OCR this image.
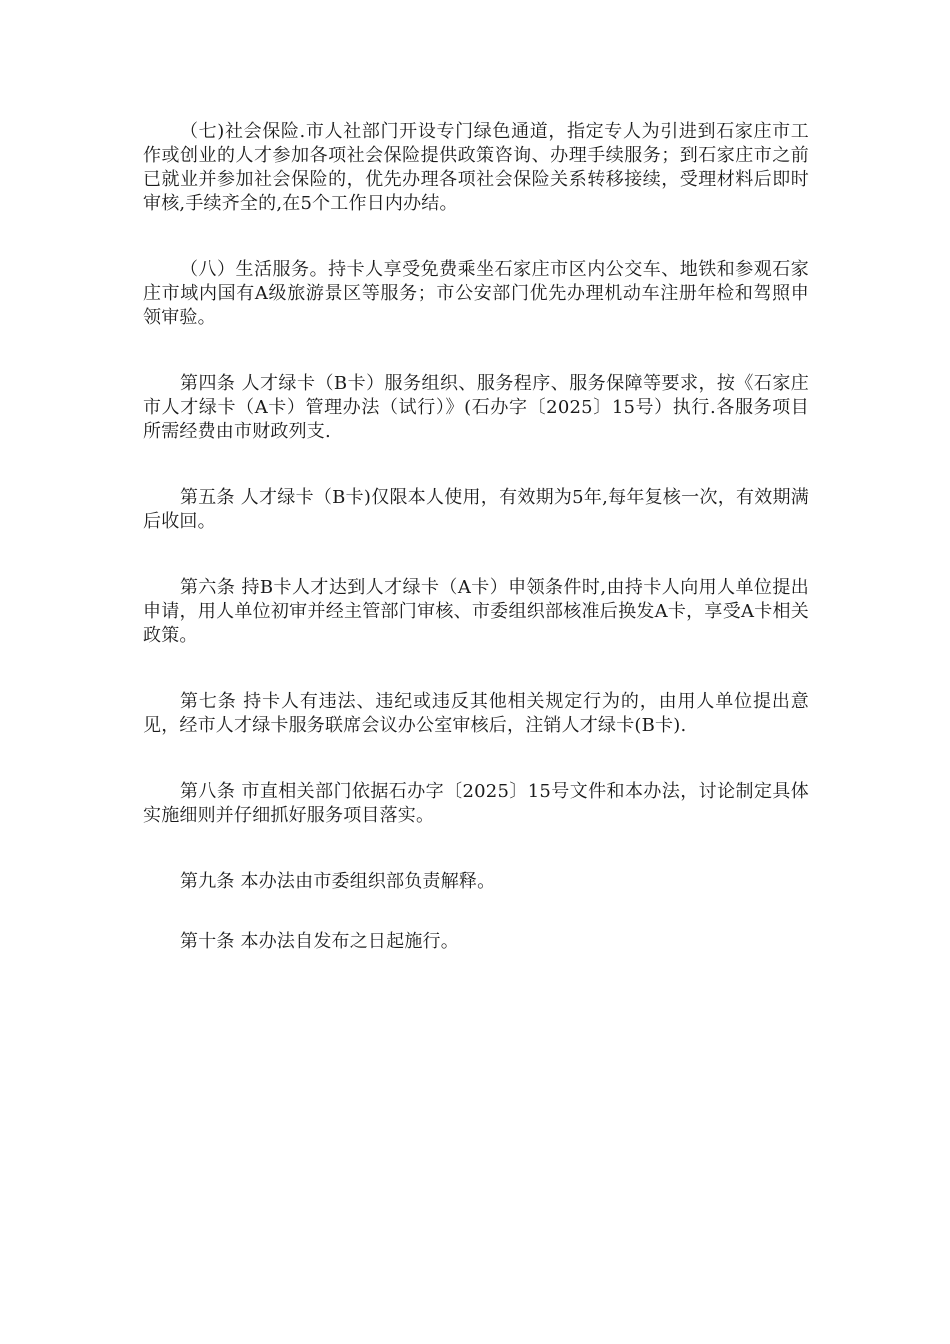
（七)社会保险.市人社部门开设专门绿色通道，指定专人为引进到石家庄市工作或创业的人才参加各项社会保险提供政策咨询、办理手续服务；到石家庄市之前已就业并参加社会保险的，优先办理各项社会保险关系转移接续，受理材料后即时审核,手续齐全的,在5个工作日内办结。

（八）生活服务。持卡人享受免费乘坐石家庄市区内公交车、地铁和参观石家庄市域内国有A级旅游景区等服务；市公安部门优先办理机动车注册年检和驾照申领审验。

第四条 人才绿卡（B卡）服务组织、服务程序、服务保障等要求，按《石家庄市人才绿卡（A卡）管理办法（试行）》(石办字〔2025〕15号）执行.各服务项目所需经费由市财政列支.

第五条 人才绿卡（B卡)仅限本人使用，有效期为5年,每年复核一次，有效期满后收回。

第六条 持B卡人才达到人才绿卡（A卡）申领条件时,由持卡人向用人单位提出申请，用人单位初审并经主管部门审核、市委组织部核准后换发A卡，享受A卡相关政策。

第七条 持卡人有违法、违纪或违反其他相关规定行为的，由用人单位提出意见，经市人才绿卡服务联席会议办公室审核后，注销人才绿卡(B卡).

第八条 市直相关部门依据石办字〔2025〕15号文件和本办法，讨论制定具体实施细则并仔细抓好服务项目落实。

第九条 本办法由市委组织部负责解释。

第十条 本办法自发布之日起施行。
